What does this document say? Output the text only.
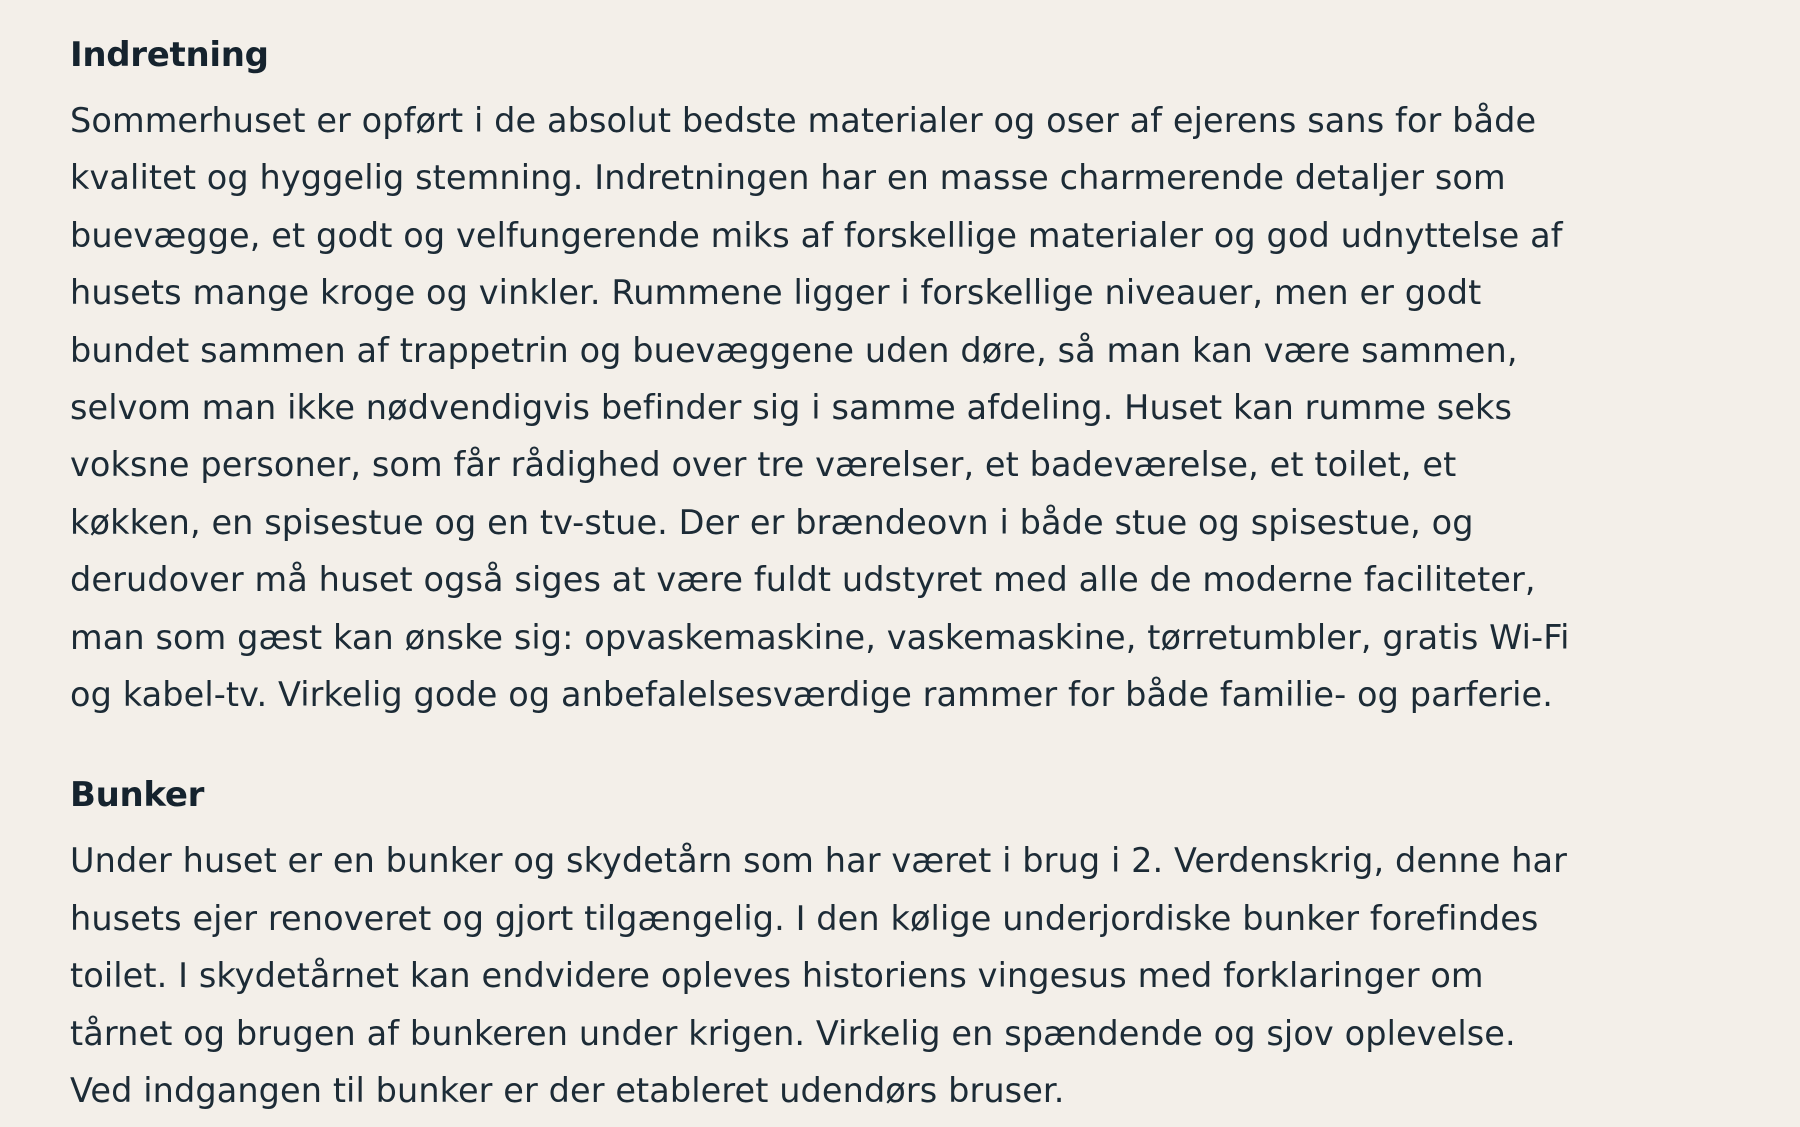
Indretning

Sommerhuset er opført i de absolut bedste materialer og oser af ejerens sans for både
kvalitet og hyggelig stemning. Indretningen har en masse charmerende detaljer som
buevægge, et godt og velfungerende miks af forskellige materialer og god udnyttelse af
husets mange kroge og vinkler. Rummene ligger i forskellige niveauer, men er godt
bundet sammen af trappetrin og buevæggene uden døre, så man kan være sammen,
selvom man ikke nødvendigvis befinder sig i samme afdeling. Huset kan rumme seks
voksne personer, som får rådighed over tre værelser, et badeværelse, et toilet, et
køkken, en spisestue og en tv-stue. Der er brændeovn i både stue og spisestue, og
derudover må huset også siges at være fuldt udstyret med alle de moderne faciliteter,
man som gæst kan ønske sig: opvaskemaskine, vaskemaskine, tørretumbler, gratis Wi-Fi
og kabel-tv. Virkelig gode og anbefalelsesværdige rammer for både familie- og parferie.

Bunker

Under huset er en bunker og skydetårn som har været i brug i 2. Verdenskrig, denne har
husets ejer renoveret og gjort tilgængelig. I den kølige underjordiske bunker forefindes
toilet. I skydetårnet kan endvidere opleves historiens vingesus med forklaringer om
tårnet og brugen af bunkeren under krigen. Virkelig en spændende og sjov oplevelse.
Ved indgangen til bunker er der etableret udendørs bruser.
